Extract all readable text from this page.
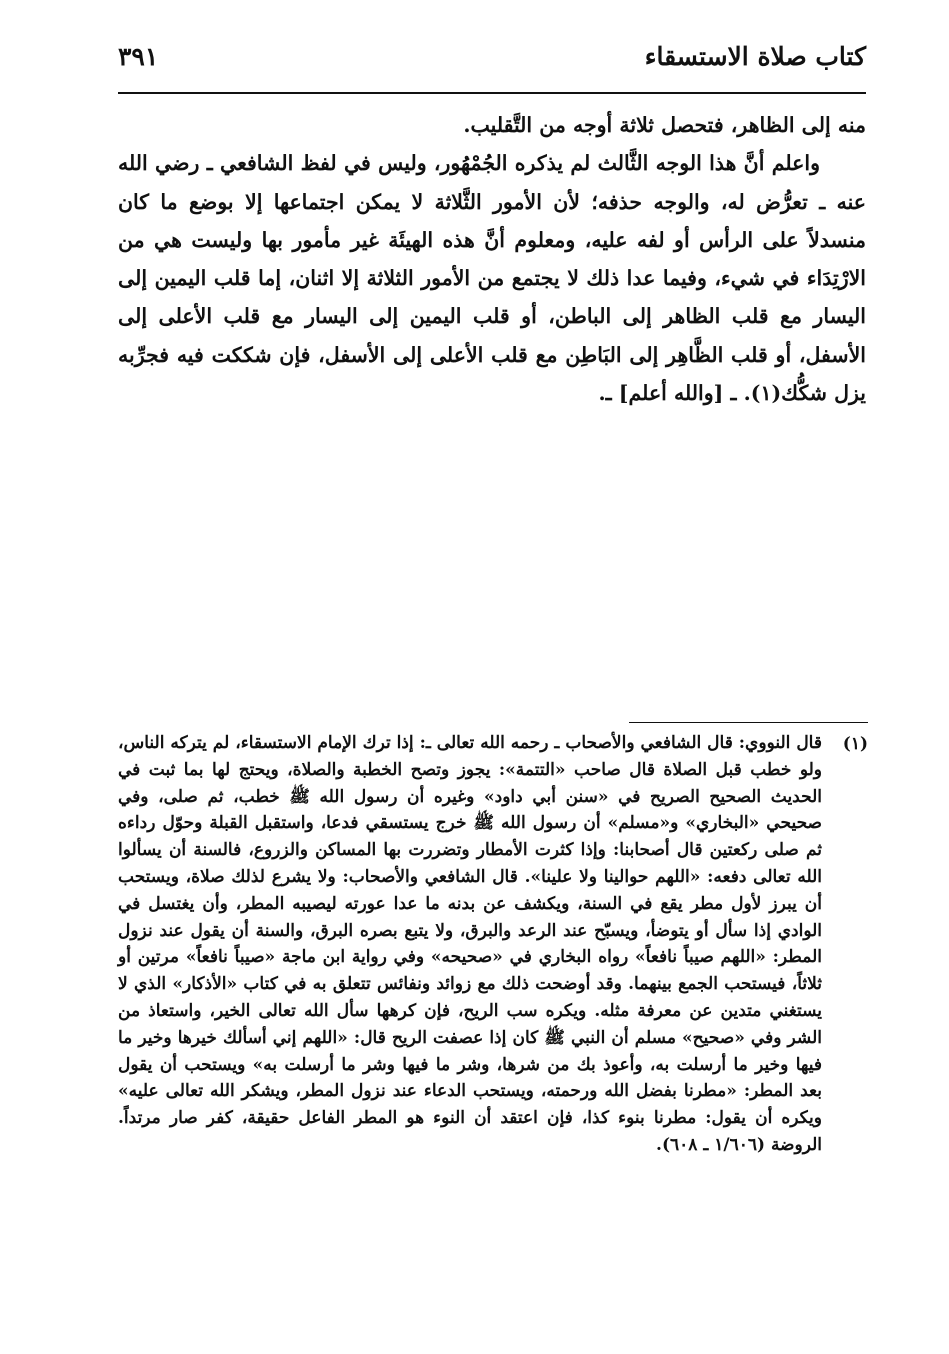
كتاب صلاة الاستسقاء
٣٩١

منه إلى الظاهر، فتحصل ثلاثة أوجه من التَّقليب.

واعلم أنَّ هذا الوجه الثَّالث لم يذكره الجُمْهُور، وليس في لفظ الشافعي ـ رضي الله عنه ـ تعرُّض له، والوجه حذفه؛ لأن الأمور الثَّلاثة لا يمكن اجتماعها إلا بوضع ما كان منسدلاً على الرأس أو لفه عليه، ومعلوم أنَّ هذه الهيئَة غير مأمور بها وليست هي من الارْتِدَاء في شيء، وفيما عدا ذلك لا يجتمع من الأمور الثلاثة إلا اثنان، إما قلب اليمين إلى اليسار مع قلب الظاهر إلى الباطن، أو قلب اليمين إلى اليسار مع قلب الأعلى إلى الأسفل، أو قلب الظَّاهِر إلى البَاطِن مع قلب الأعلى إلى الأسفل، فإن شككت فيه فجرِّبه يزل شكُّك(١). ـ [والله أعلم] ـ.

(١)
قال النووي: قال الشافعي والأصحاب ـ رحمه الله تعالى ـ: إذا ترك الإمام الاستسقاء، لم يتركه الناس، ولو خطب قبل الصلاة قال صاحب «التتمة»: يجوز وتصح الخطبة والصلاة، ويحتج لها بما ثبت في الحديث الصحيح الصريح في «سنن أبي داود» وغيره أن رسول الله ﷺ خطب، ثم صلى، وفي صحيحي «البخاري» و«مسلم» أن رسول الله ﷺ خرج يستسقي فدعا، واستقبل القبلة وحوّل رداءه ثم صلى ركعتين قال أصحابنا: وإذا كثرت الأمطار وتضررت بها المساكن والزروع، فالسنة أن يسألوا الله تعالى دفعه: «اللهم حوالينا ولا علينا». قال الشافعي والأصحاب: ولا يشرع لذلك صلاة، ويستحب أن يبرز لأول مطر يقع في السنة، ويكشف عن بدنه ما عدا عورته ليصيبه المطر، وأن يغتسل في الوادي إذا سأل أو يتوضأ، ويسبّح عند الرعد والبرق، ولا يتبع بصره البرق، والسنة أن يقول عند نزول المطر: «اللهم صيباً نافعاً» رواه البخاري في «صحيحه» وفي رواية ابن ماجة «صيباً نافعاً» مرتين أو ثلاثاً، فيستحب الجمع بينهما. وقد أوضحت ذلك مع زوائد ونفائس تتعلق به في كتاب «الأذكار» الذي لا يستغني متدين عن معرفة مثله. ويكره سب الريح، فإن كرهها سأل الله تعالى الخير، واستعاذ من الشر وفي «صحيح» مسلم أن النبي ﷺ كان إذا عصفت الريح قال: «اللهم إني أسألك خيرها وخير ما فيها وخير ما أرسلت به، وأعوذ بك من شرها، وشر ما فيها وشر ما أرسلت به» ويستحب أن يقول بعد المطر: «مطرنا بفضل الله ورحمته، ويستحب الدعاء عند نزول المطر، ويشكر الله تعالى عليه» ويكره أن يقول: مطرنا بنوء كذا، فإن اعتقد أن النوء هو المطر الفاعل حقيقة، كفر صار مرتداً. الروضة (١/٦٠٦ ـ ٦٠٨).
